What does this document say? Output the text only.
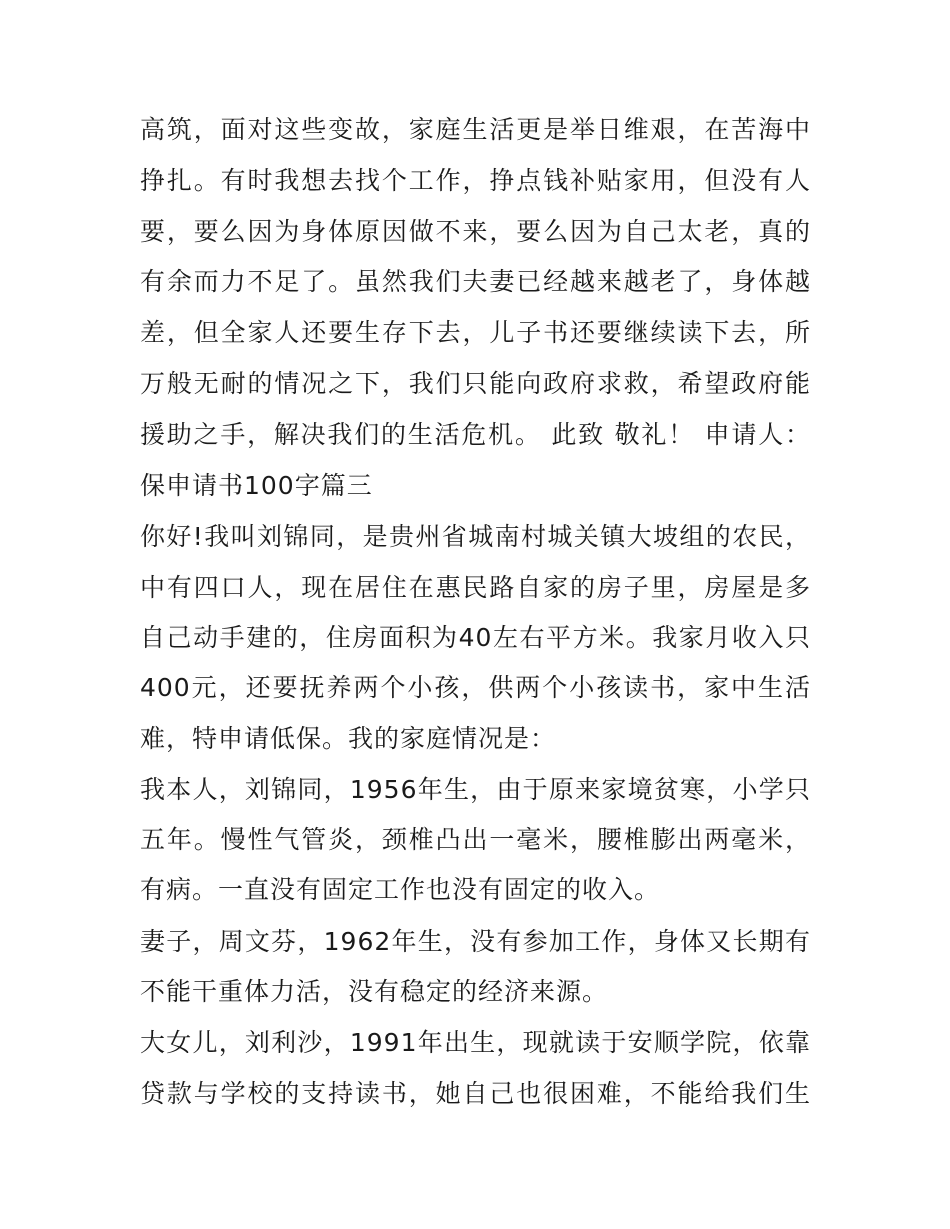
高筑，面对这些变故，家庭生活更是举日维艰，在苦海中
挣扎。有时我想去找个工作，挣点钱补贴家用，但没有人
要，要么因为身体原因做不来，要么因为自己太老，真的
有余而力不足了。虽然我们夫妻已经越来越老了，身体越
差，但全家人还要生存下去，儿子书还要继续读下去，所
万般无耐的情况之下，我们只能向政府求救，希望政府能
援助之手，解决我们的生活危机。 此致 敬礼！ 申请人：
保申请书100字篇三
你好!我叫刘锦同，是贵州省城南村城关镇大坡组的农民，
中有四口人，现在居住在惠民路自家的房子里，房屋是多
自己动手建的，住房面积为40左右平方米。我家月收入只
400元，还要抚养两个小孩，供两个小孩读书，家中生活
难，特申请低保。我的家庭情况是：
我本人，刘锦同，1956年生，由于原来家境贫寒，小学只
五年。慢性气管炎，颈椎凸出一毫米，腰椎膨出两毫米，
有病。一直没有固定工作也没有固定的收入。
妻子，周文芬，1962年生，没有参加工作，身体又长期有
不能干重体力活，没有稳定的经济来源。
大女儿，刘利沙，1991年出生，现就读于安顺学院，依靠
贷款与学校的支持读书，她自己也很困难，不能给我们生
